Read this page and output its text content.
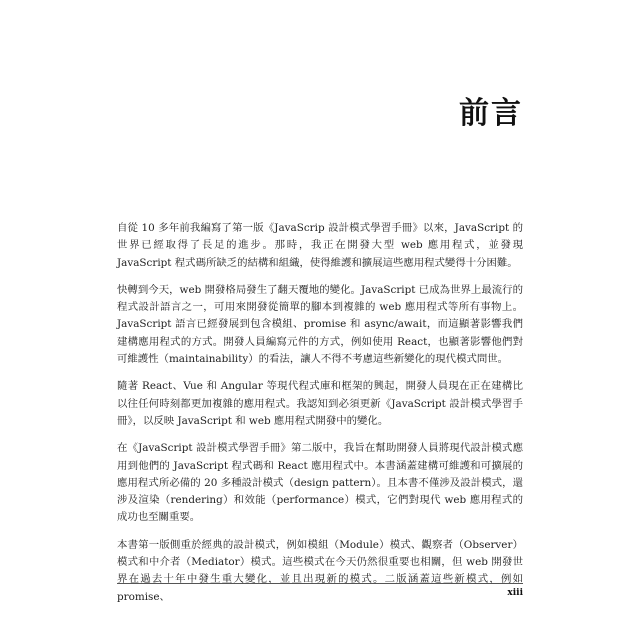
前言

自從 10 多年前我編寫了第一版《JavaScrip 設計模式學習手冊》以來，JavaScript 的世界已經取得了長足的進步。那時，我正在開發大型 web 應用程式，並發現 JavaScript 程式碼所缺乏的結構和組織，使得維護和擴展這些應用程式變得十分困難。

快轉到今天，web 開發格局發生了翻天覆地的變化。JavaScript 已成為世界上最流行的程式設計語言之一，可用來開發從簡單的腳本到複雜的 web 應用程式等所有事物上。JavaScript 語言已經發展到包含模組、promise 和 async/await，而這顯著影響我們建構應用程式的方式。開發人員編寫元件的方式，例如使用 React，也顯著影響他們對可維護性（maintainability）的看法，讓人不得不考慮這些新變化的現代模式問世。

隨著 React、Vue 和 Angular 等現代程式庫和框架的興起，開發人員現在正在建構比以往任何時刻都更加複雜的應用程式。我認知到必須更新《JavaScript 設計模式學習手冊》，以反映 JavaScript 和 web 應用程式開發中的變化。

在《JavaScript 設計模式學習手冊》第二版中，我旨在幫助開發人員將現代設計模式應用到他們的 JavaScript 程式碼和 React 應用程式中。本書涵蓋建構可維護和可擴展的應用程式所必備的 20 多種設計模式（design pattern）。且本書不僅涉及設計模式，還涉及渲染（rendering）和效能（performance）模式，它們對現代 web 應用程式的成功也至關重要。

本書第一版側重於經典的設計模式，例如模組（Module）模式、觀察者（Observer）模式和中介者（Mediator）模式。這些模式在今天仍然很重要也相關，但 web 開發世界在過去十年中發生重大變化，並且出現新的模式。二版涵蓋這些新模式，例如 promise、	xiii
